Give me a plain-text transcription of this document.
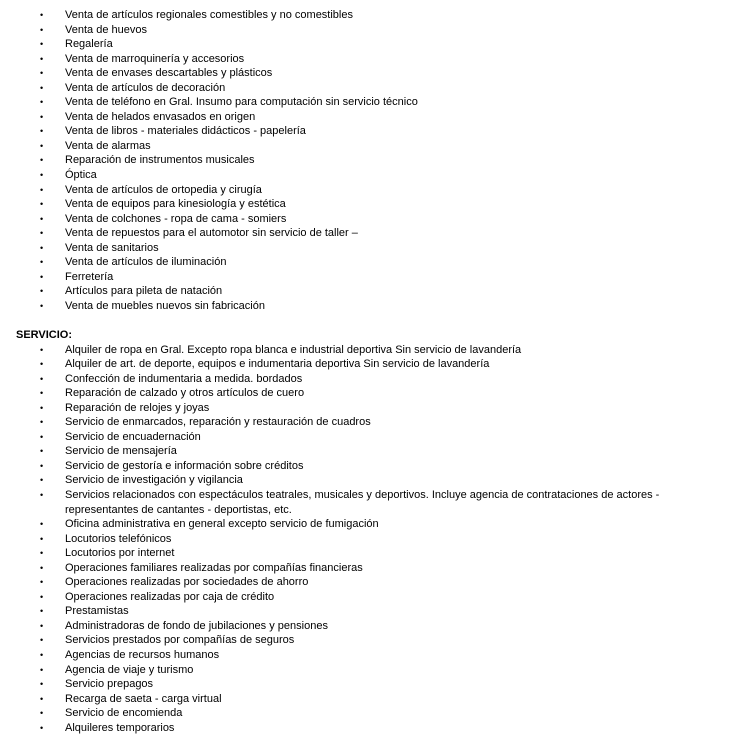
• Venta de artículos regionales comestibles y no comestibles
• Venta de huevos
• Regalería
• Venta de marroquinería y accesorios
• Venta de envases descartables y plásticos
• Venta de artículos de decoración
• Venta de teléfono en Gral. Insumo para computación sin servicio técnico
• Venta de helados envasados en origen
• Venta de libros - materiales didácticos - papelería
• Venta de alarmas
• Reparación de instrumentos musicales
• Óptica
• Venta de artículos de ortopedia y cirugía
• Venta de equipos para kinesiología y estética
• Venta de colchones - ropa de cama - somiers
• Venta de repuestos para el automotor sin servicio de taller –
• Venta de sanitarios
• Venta de artículos de iluminación
• Ferretería
• Artículos para pileta de natación
• Venta de muebles nuevos sin fabricación
SERVICIO:
• Alquiler de ropa en Gral. Excepto ropa blanca e industrial deportiva Sin servicio de lavandería
• Alquiler de art. de deporte, equipos e indumentaria deportiva Sin servicio de lavandería
• Confección de indumentaria a medida. bordados
• Reparación de calzado y otros artículos de cuero
• Reparación de relojes y joyas
• Servicio de enmarcados, reparación y restauración de cuadros
• Servicio de encuadernación
• Servicio de mensajería
• Servicio de gestoría e información sobre créditos
• Servicio de investigación y vigilancia
• Servicios relacionados con espectáculos teatrales, musicales y deportivos. Incluye agencia de contrataciones de actores - representantes de cantantes - deportistas, etc.
• Oficina administrativa en general excepto servicio de fumigación
• Locutorios telefónicos
• Locutorios por internet
• Operaciones familiares realizadas por compañías financieras
• Operaciones realizadas por sociedades de ahorro
• Operaciones realizadas por caja de crédito
• Prestamistas
• Administradoras de fondo de jubilaciones y pensiones
• Servicios prestados por compañías de seguros
• Agencias de recursos humanos
• Agencia de viaje y turismo
• Servicio prepagos
• Recarga de saeta - carga virtual
• Servicio de encomienda
• Alquileres temporarios
